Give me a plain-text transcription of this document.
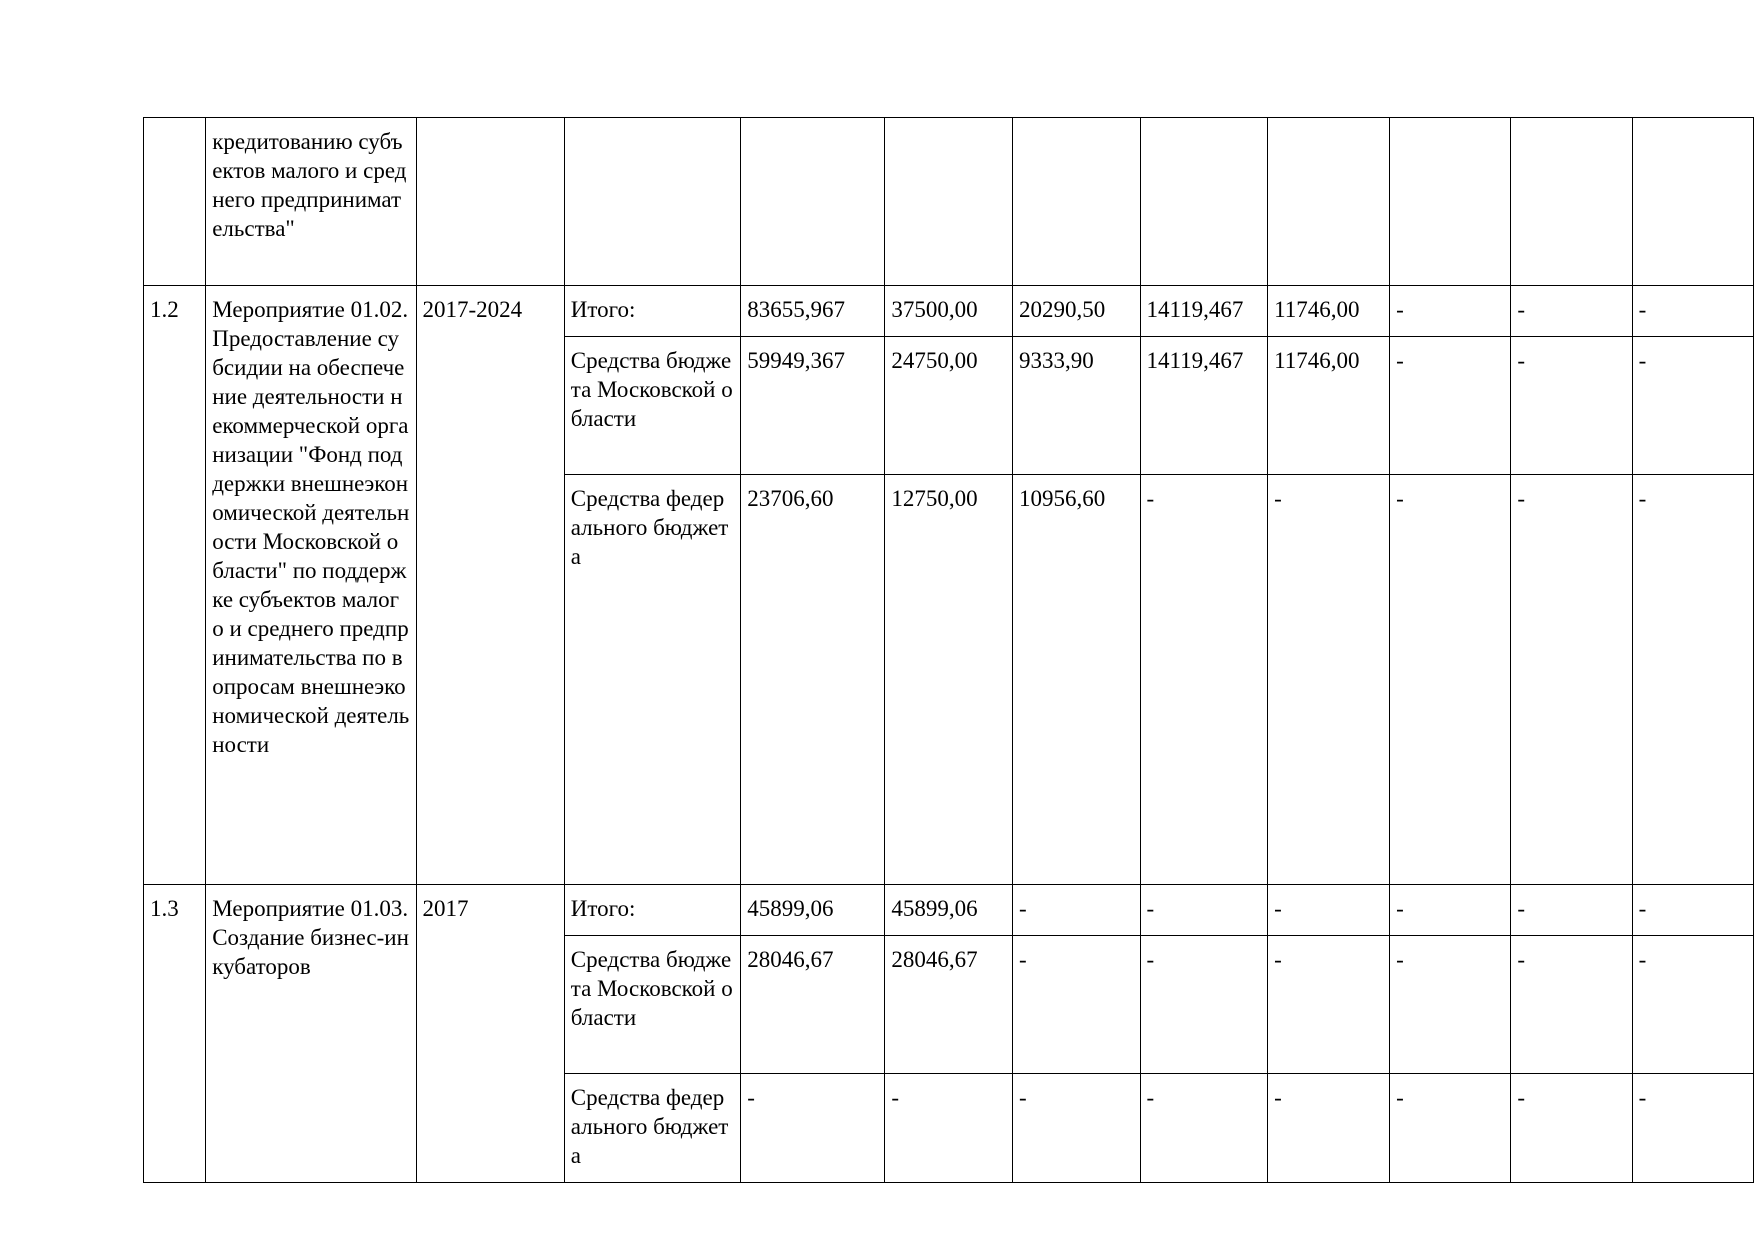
	кредитованию субъектов малого и среднего предпринимательства"										
1.2	Мероприятие 01.02. Предоставление субсидии на обеспечение деятельности некоммерческой организации "Фонд поддержки внешнеэкономической деятельности Московской области" по поддержке субъектов малого и среднего предпринимательства по вопросам внешнеэкономической деятельности	2017-2024	Итого:	83655,967	37500,00	20290,50	14119,467	11746,00	-	-	-
			Средства бюджета Московской области	59949,367	24750,00	9333,90	14119,467	11746,00	-	-	-
			Средства федерального бюджета	23706,60	12750,00	10956,60	-	-	-	-	-
1.3	Мероприятие 01.03. Создание бизнес-инкубаторов	2017	Итого:	45899,06	45899,06	-	-	-	-	-	-
			Средства бюджета Московской области	28046,67	28046,67	-	-	-	-	-	-
			Средства федерального бюджета	-	-	-	-	-	-	-	-
